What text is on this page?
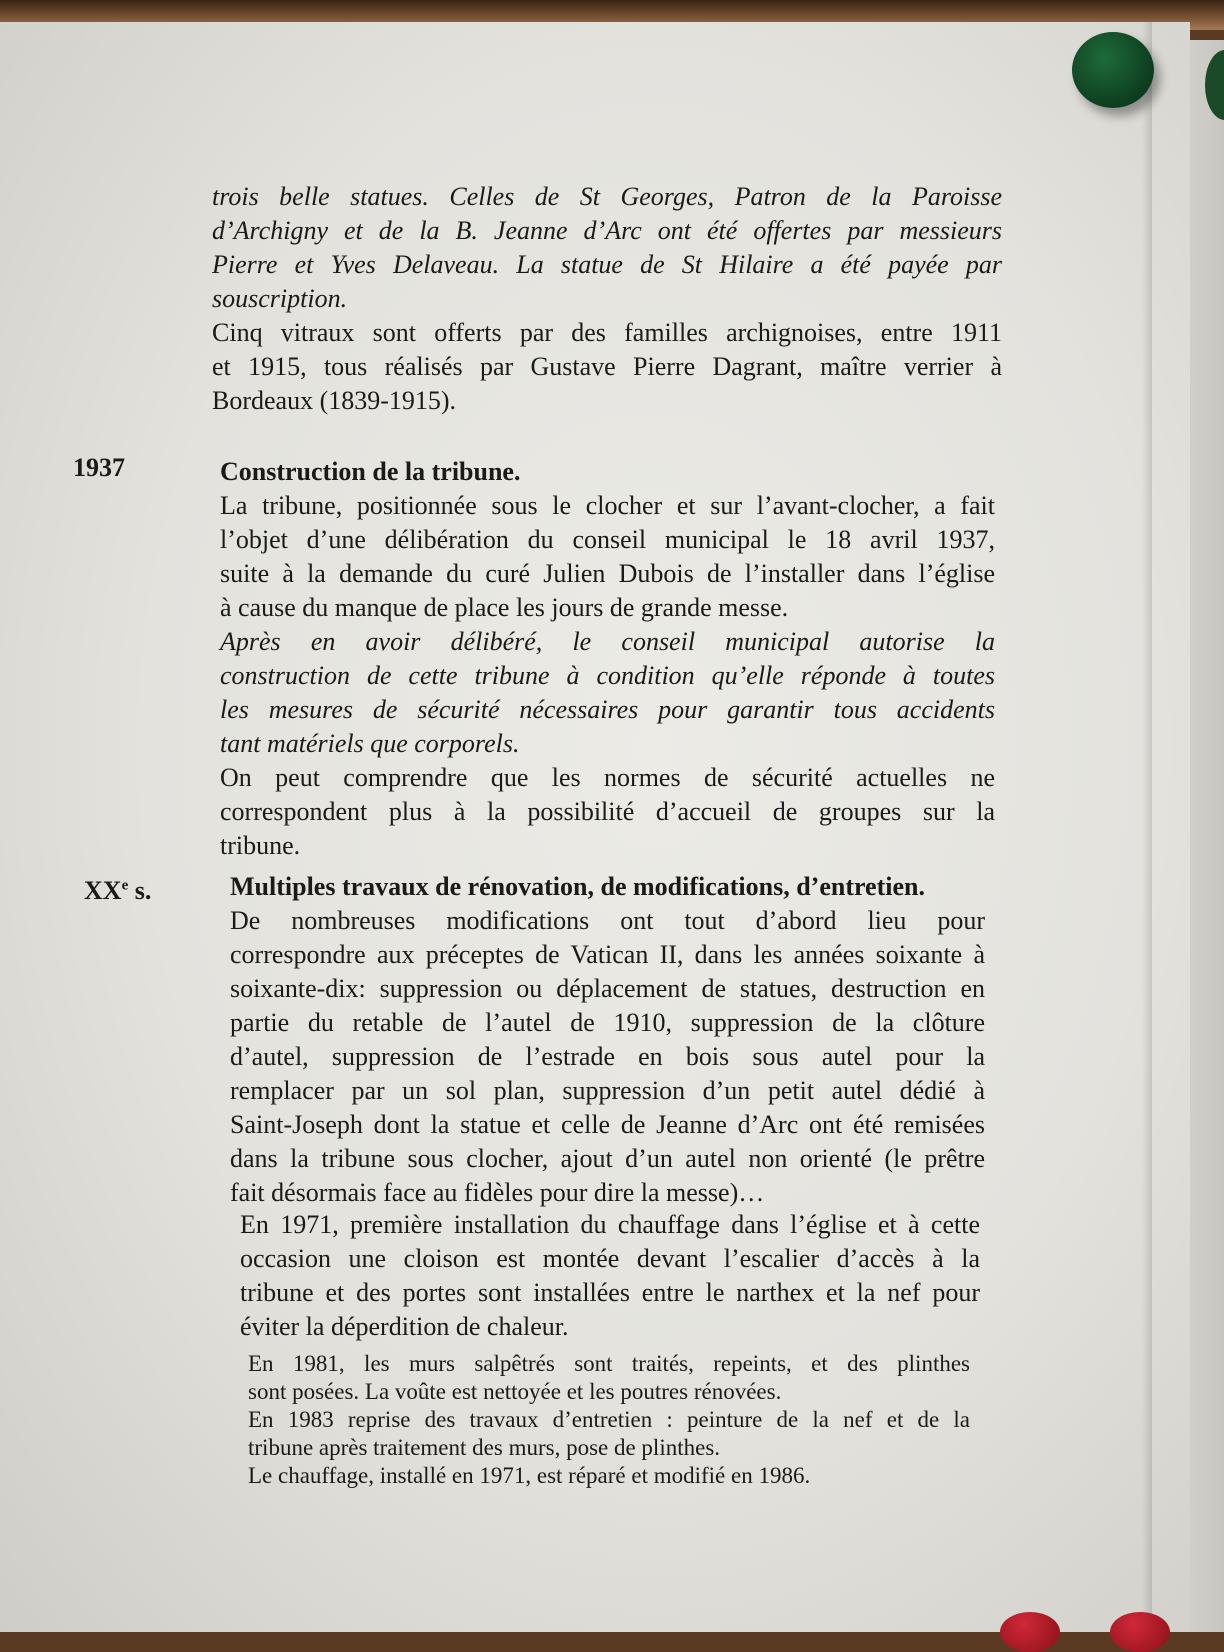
trois belle statues. Celles de St Georges, Patron de la Paroisse
d’Archigny et de la B. Jeanne d’Arc ont été offertes par messieurs
Pierre et Yves Delaveau. La statue de St Hilaire a été payée par
souscription.
Cinq vitraux sont offerts par des familles archignoises, entre 1911
et 1915, tous réalisés par Gustave Pierre Dagrant, maître verrier à
Bordeaux (1839-1915).
1937	Construction de la tribune.
La tribune, positionnée sous le clocher et sur l’avant-clocher, a fait
l’objet d’une délibération du conseil municipal le 18 avril 1937,
suite à la demande du curé Julien Dubois de l’installer dans l’église
à cause du manque de place les jours de grande messe.
Après en avoir délibéré, le conseil municipal autorise la
construction de cette tribune à condition qu’elle réponde à toutes
les mesures de sécurité nécessaires pour garantir tous accidents
tant matériels que corporels.
On peut comprendre que les normes de sécurité actuelles ne
correspondent plus à la possibilité d’accueil de groupes sur la
tribune.
XXe s.	Multiples travaux de rénovation, de modifications, d’entretien.
De nombreuses modifications ont tout d’abord lieu pour
correspondre aux préceptes de Vatican II, dans les années soixante à
soixante-dix: suppression ou déplacement de statues, destruction en
partie du retable de l’autel de 1910, suppression de la clôture
d’autel, suppression de l’estrade en bois sous autel pour la
remplacer par un sol plan, suppression d’un petit autel dédié à
Saint-Joseph dont la statue et celle de Jeanne d’Arc ont été remisées
dans la tribune sous clocher, ajout d’un autel non orienté (le prêtre
fait désormais face au fidèles pour dire la messe)…
En 1971, première installation du chauffage dans l’église et à cette
occasion une cloison est montée devant l’escalier d’accès à la
tribune et des portes sont installées entre le narthex et la nef pour
éviter la déperdition de chaleur.
En 1981, les murs salpêtrés sont traités, repeints, et des plinthes
sont posées. La voûte est nettoyée et les poutres rénovées.
En 1983 reprise des travaux d’entretien : peinture de la nef et de la
tribune après traitement des murs, pose de plinthes.
Le chauffage, installé en 1971, est réparé et modifié en 1986.
